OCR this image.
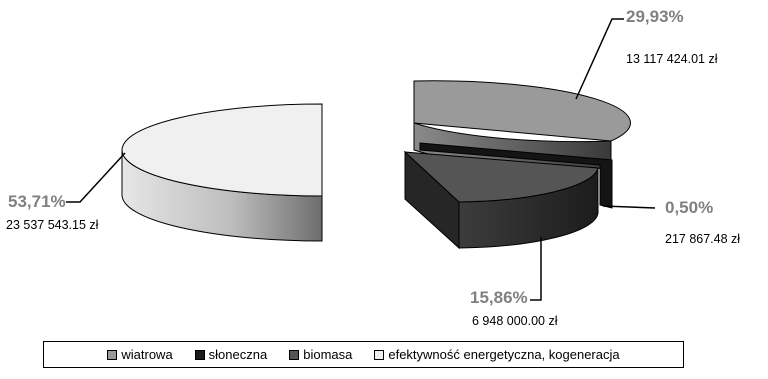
29,93%
13 117 424.01 zł
0,50%
217 867.48 zł
15,86%
6 948 000.00 zł
53,71%
23 537 543.15 zł
wiatrowa	słoneczna	biomasa	efektywność energetyczna, kogeneracja
